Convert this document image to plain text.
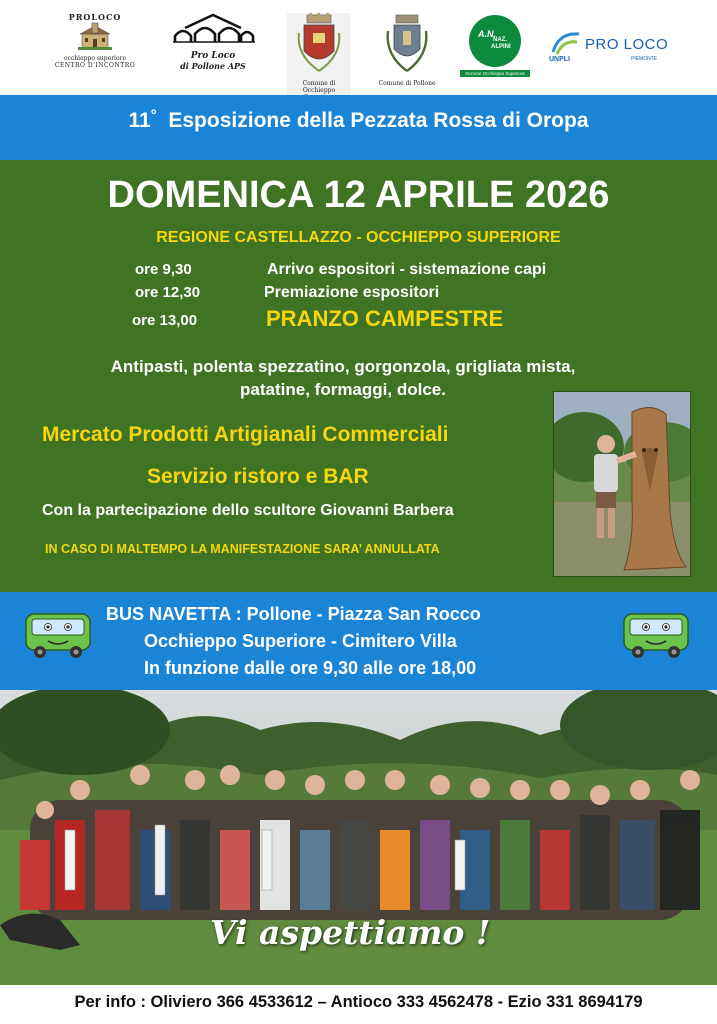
PROLOCO
occhieppo superiore
CENTRO D'INCONTRO
Pro Loco
di Pollone APS
Comune di Occhieppo
Comune di Pollone
A.N.
NAZ.
ALPINI
Sezione Occhieppo Superiore
UNPLI
PRO LOCO
PIEMONTE
11° Esposizione della Pezzata Rossa di Oropa
DOMENICA 12 APRILE 2026
REGIONE CASTELLAZZO - OCCHIEPPO SUPERIORE
ore 9,30	Arrivo espositori - sistemazione capi
ore 12,30	Premiazione espositori
ore 13,00	PRANZO CAMPESTRE
Antipasti, polenta spezzatino, gorgonzola, grigliata mista,
patatine, formaggi, dolce.
Mercato Prodotti Artigianali Commerciali
Servizio ristoro e BAR
Con la partecipazione dello scultore Giovanni Barbera
IN CASO DI MALTEMPO LA MANIFESTAZIONE SARA’ ANNULLATA
BUS NAVETTA : Pollone - Piazza San Rocco
Occhieppo Superiore - Cimitero Villa
In funzione dalle ore 9,30 alle ore 18,00
Vi aspettiamo !
Per info : Oliviero 366 4533612 – Antioco 333 4562478 - Ezio 331 8694179
